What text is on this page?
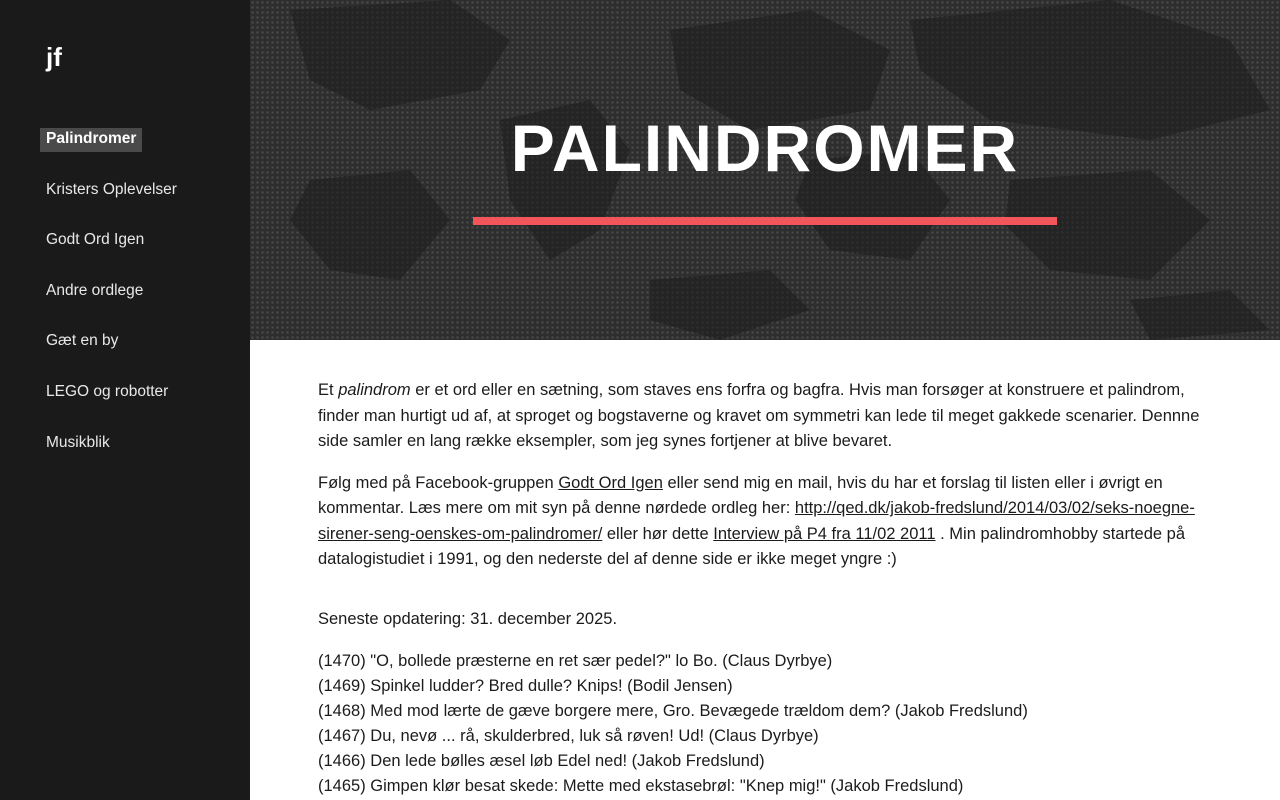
jf
Palindromer
Kristers Oplevelser
Godt Ord Igen
Andre ordlege
Gæt en by
LEGO og robotter
Musikblik
PALINDROMER

Et palindrom er et ord eller en sætning, som staves ens forfra og bagfra. Hvis man forsøger at konstruere et palindrom, finder man hurtigt ud af, at sproget og bogstaverne og kravet om symmetri kan lede til meget gakkede scenarier. Dennne side samler en lang række eksempler, som jeg synes fortjener at blive bevaret.

Følg med på Facebook-gruppen Godt Ord Igen eller send mig en mail, hvis du har et forslag til listen eller i øvrigt en kommentar. Læs mere om mit syn på denne nørdede ordleg her: http://qed.dk/jakob-fredslund/2014/03/02/seks-noegne-sirener-seng-oenskes-om-palindromer/ eller hør dette Interview på P4 fra 11/02 2011 . Min palindromhobby startede på datalogistudiet i 1991, og den nederste del af denne side er ikke meget yngre :)

Seneste opdatering: 31. december 2025.

(1470) "O, bollede præsterne en ret sær pedel?" lo Bo. (Claus Dyrbye)
(1469) Spinkel ludder? Bred dulle? Knips! (Bodil Jensen)
(1468) Med mod lærte de gæve borgere mere, Gro. Bevægede trældom dem? (Jakob Fredslund)
(1467) Du, nevø ... rå, skulderbred, luk så røven! Ud! (Claus Dyrbye)
(1466) Den lede bølles æsel løb Edel ned! (Jakob Fredslund)
(1465) Gimpen klør besat skede: Mette med ekstasebrøl: "Knep mig!" (Jakob Fredslund)
